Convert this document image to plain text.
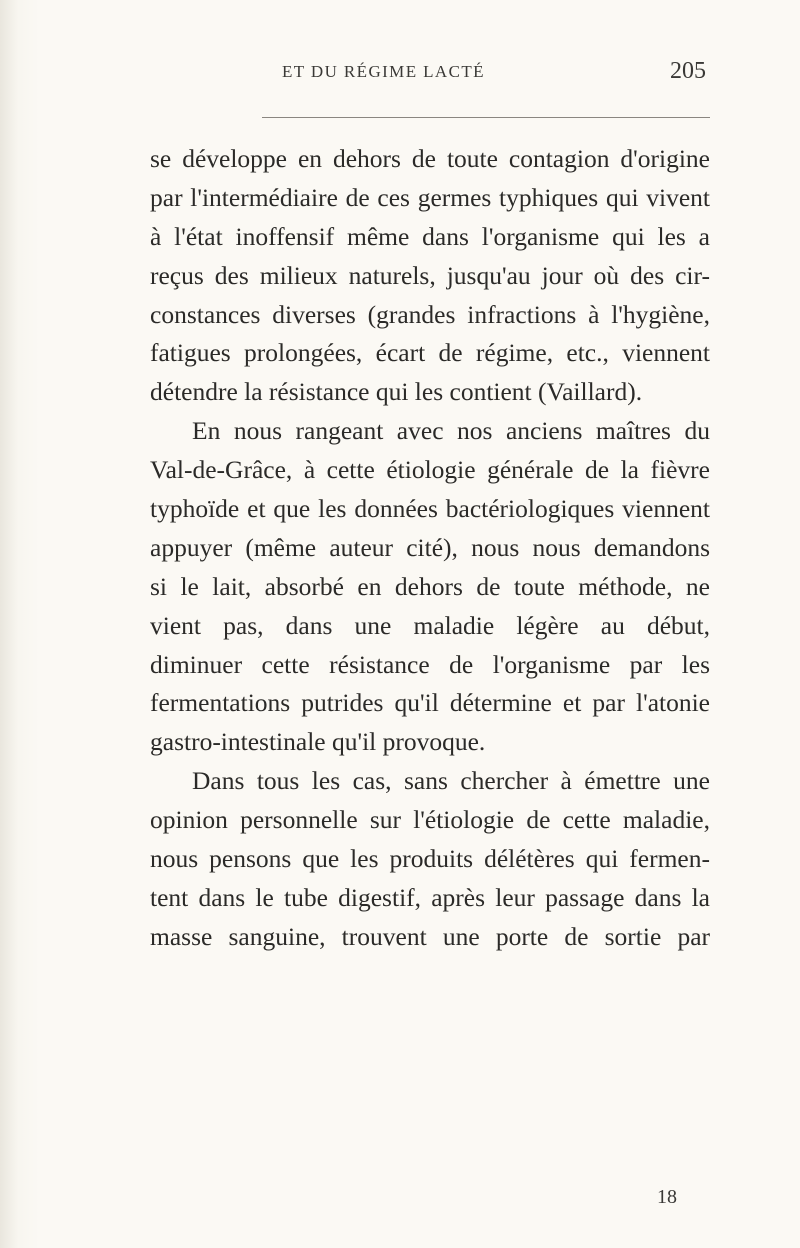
ET DU RÉGIME LACTÉ	205
se développe en dehors de toute contagion d'origine
par l'intermédiaire de ces germes typhiques qui vivent
à l'état inoffensif même dans l'organisme qui les a
reçus des milieux naturels, jusqu'au jour où des cir-
constances diverses (grandes infractions à l'hygiène,
fatigues prolongées, écart de régime, etc., viennent
détendre la résistance qui les contient (Vaillard).
En nous rangeant avec nos anciens maîtres du
Val-de-Grâce, à cette étiologie générale de la fièvre
typhoïde et que les données bactériologiques viennent
appuyer (même auteur cité), nous nous demandons
si le lait, absorbé en dehors de toute méthode, ne
vient pas, dans une maladie légère au début,
diminuer cette résistance de l'organisme par les
fermentations putrides qu'il détermine et par l'atonie
gastro-intestinale qu'il provoque.
Dans tous les cas, sans chercher à émettre une
opinion personnelle sur l'étiologie de cette maladie,
nous pensons que les produits délétères qui fermen-
tent dans le tube digestif, après leur passage dans la
masse sanguine, trouvent une porte de sortie par
18
